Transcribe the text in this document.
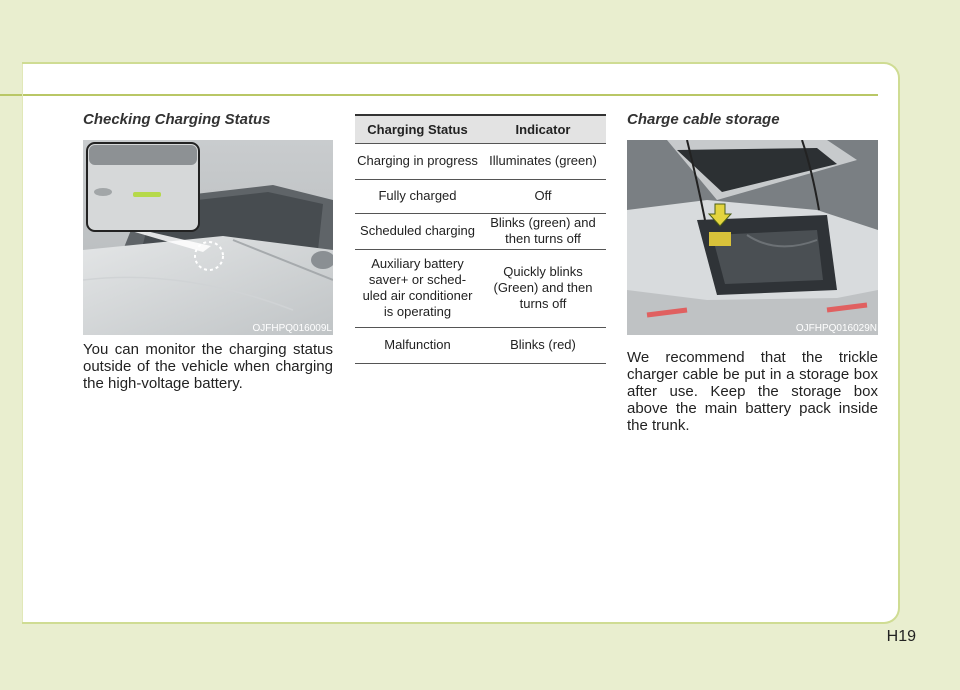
Checking Charging Status
OJFHPQ016009L
You can monitor the charging status outside of the vehicle when charging the high-voltage battery.
Charging Status	Indicator
Charging in progress	Illuminates (green)
Fully charged	Off
Scheduled charging	Blinks (green) and then turns off
Auxiliary battery saver+ or sched-uled air conditioner is operating	Quickly blinks (Green) and then turns off
Malfunction	Blinks (red)
Charge cable storage
OJFHPQ016029N
We recommend that the trickle charger cable be put in a storage box after use. Keep the storage box above the main battery pack inside the trunk.
H19
